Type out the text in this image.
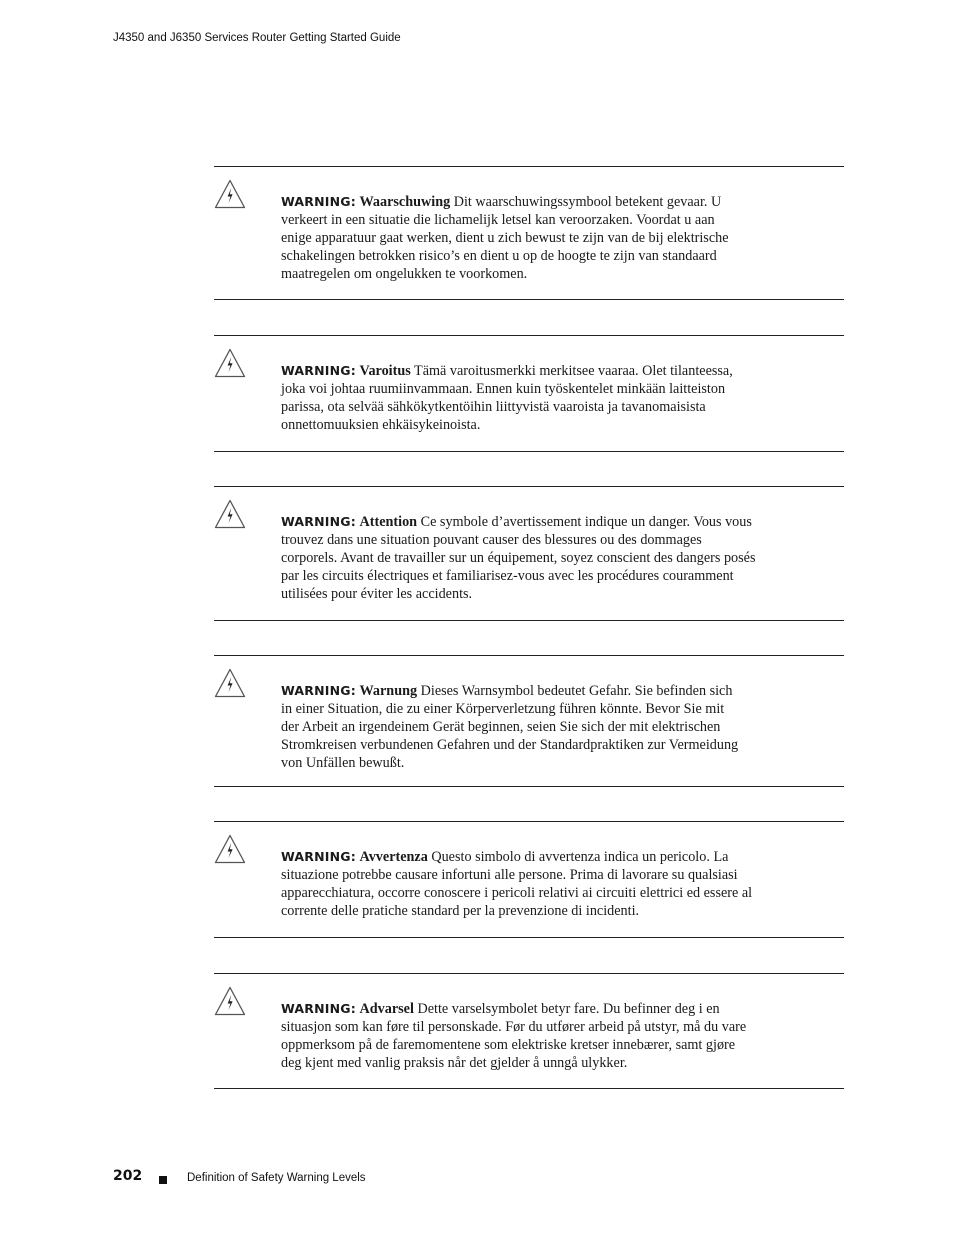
J4350 and J6350 Services Router Getting Started Guide
WARNING: Waarschuwing Dit waarschuwingssymbool betekent gevaar. U
verkeert in een situatie die lichamelijk letsel kan veroorzaken. Voordat u aan
enige apparatuur gaat werken, dient u zich bewust te zijn van de bij elektrische
schakelingen betrokken risico’s en dient u op de hoogte te zijn van standaard
maatregelen om ongelukken te voorkomen.
WARNING: Varoitus Tämä varoitusmerkki merkitsee vaaraa. Olet tilanteessa,
joka voi johtaa ruumiinvammaan. Ennen kuin työskentelet minkään laitteiston
parissa, ota selvää sähkökytkentöihin liittyvistä vaaroista ja tavanomaisista
onnettomuuksien ehkäisykeinoista.
WARNING: Attention Ce symbole d’avertissement indique un danger. Vous vous
trouvez dans une situation pouvant causer des blessures ou des dommages
corporels. Avant de travailler sur un équipement, soyez conscient des dangers posés
par les circuits électriques et familiarisez-vous avec les procédures couramment
utilisées pour éviter les accidents.
WARNING: Warnung Dieses Warnsymbol bedeutet Gefahr. Sie befinden sich
in einer Situation, die zu einer Körperverletzung führen könnte. Bevor Sie mit
der Arbeit an irgendeinem Gerät beginnen, seien Sie sich der mit elektrischen
Stromkreisen verbundenen Gefahren und der Standardpraktiken zur Vermeidung
von Unfällen bewußt.
WARNING: Avvertenza Questo simbolo di avvertenza indica un pericolo. La
situazione potrebbe causare infortuni alle persone. Prima di lavorare su qualsiasi
apparecchiatura, occorre conoscere i pericoli relativi ai circuiti elettrici ed essere al
corrente delle pratiche standard per la prevenzione di incidenti.
WARNING: Advarsel Dette varselsymbolet betyr fare. Du befinner deg i en
situasjon som kan føre til personskade. Før du utfører arbeid på utstyr, må du vare
oppmerksom på de faremomentene som elektriske kretser innebærer, samt gjøre
deg kjent med vanlig praksis når det gjelder å unngå ulykker.
202	Definition of Safety Warning Levels
